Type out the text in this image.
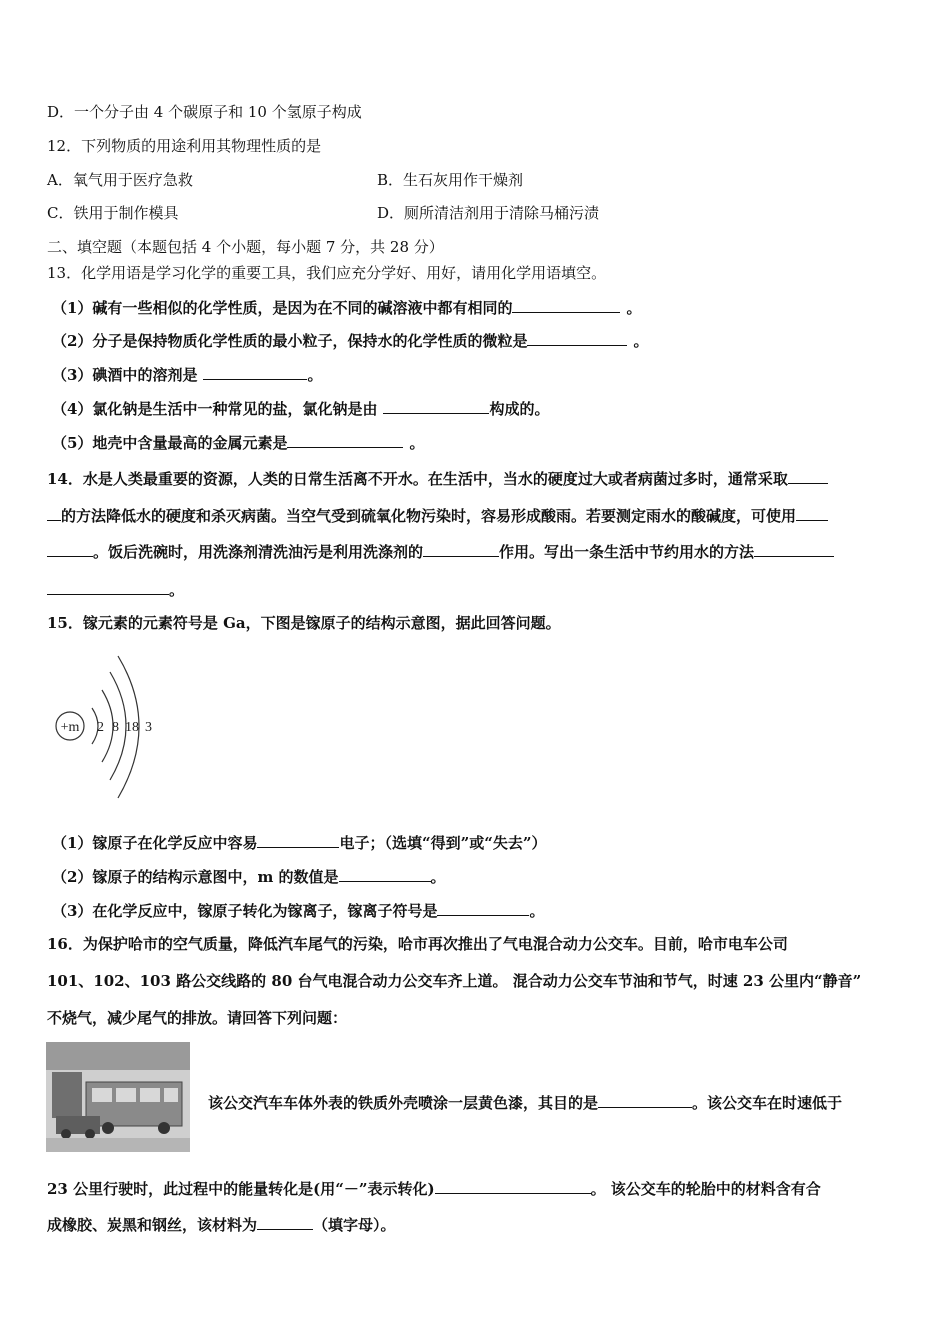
D．一个分子由 4 个碳原子和 10 个氢原子构成
12．下列物质的用途利用其物理性质的是
A．氧气用于医疗急救	B．生石灰用作干燥剂
C．铁用于制作模具	D．厕所清洁剂用于清除马桶污渍
二、填空题（本题包括 4 个小题，每小题 7 分，共 28 分）
13．化学用语是学习化学的重要工具，我们应充分学好、用好，请用化学用语填空。
（1）碱有一些相似的化学性质，是因为在不同的碱溶液中都有相同的	。
（2）分子是保持物质化学性质的最小粒子，保持水的化学性质的微粒是	。
（3）碘酒中的溶剂是	。
（4）氯化钠是生活中一种常见的盐，氯化钠是由	构成的。
（5）地壳中含量最高的金属元素是	。
14．水是人类最重要的资源，人类的日常生活离不开水。在生活中，当水的硬度过大或者病菌过多时，通常采取
的方法降低水的硬度和杀灭病菌。当空气受到硫氧化物污染时，容易形成酸雨。若要测定雨水的酸碱度，可使用
。饭后洗碗时，用洗涤剂清洗油污是利用洗涤剂的	作用。写出一条生活中节约用水的方法
。
15．镓元素的元素符号是 Ga，下图是镓原子的结构示意图，据此回答问题。
+m 2 8 18 3
（1）镓原子在化学反应中容易	电子；（选填“得到”或“失去”）
（2）镓原子的结构示意图中，m 的数值是	。
（3）在化学反应中，镓原子转化为镓离子，镓离子符号是	。
16．为保护哈市的空气质量，降低汽车尾气的污染，哈市再次推出了气电混合动力公交车。目前，哈市电车公司
101、102、103 路公交线路的 80 台气电混合动力公交车齐上道。 混合动力公交车节油和节气，时速 23 公里内“静音”
不烧气，减少尾气的排放。请回答下列问题：
该公交汽车车体外表的铁质外壳喷涂一层黄色漆，其目的是	。该公交车在时速低于
23 公里行驶时，此过程中的能量转化是(用“－”表示转化)	。 该公交车的轮胎中的材料含有合
成橡胶、炭黑和钢丝，该材料为	（填字母）。
